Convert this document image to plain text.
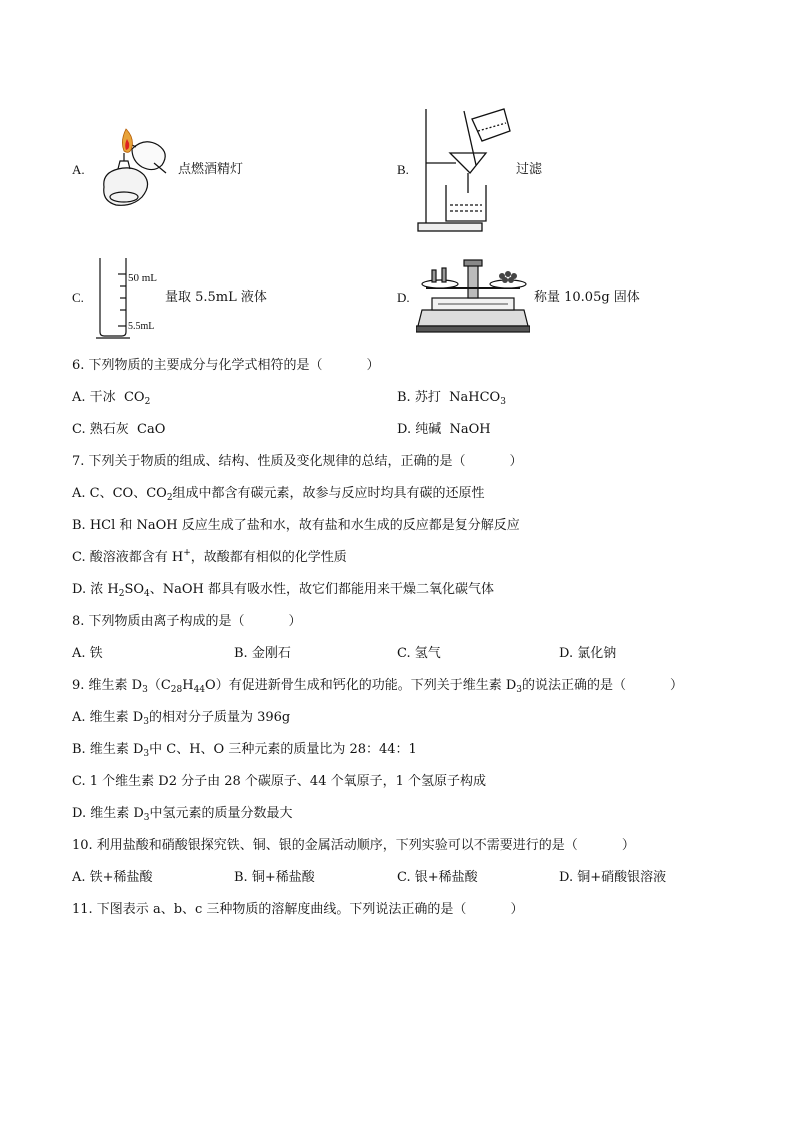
A.	点燃酒精灯	B.	过滤
C.
50 mL
5.5mL
量取 5.5mL 液体	D.	称量 10.05g 固体
6. 下列物质的主要成分与化学式相符的是（	）
A. 干冰 $CO_2$	B. 苏打 NaHCO$_3$
C. 熟石灰 CaO	D. 纯碱 NaOH
7. 下列关于物质的组成、结构、性质及变化规律的总结，正确的是（	）
A. C、CO、$CO_2$组成中都含有碳元素，故参与反应时均具有碳的还原性
B. HCl 和 NaOH 反应生成了盐和水，故有盐和水生成的反应都是复分解反应
C. 酸溶液都含有 H+，故酸都有相似的化学性质
D. 浓 $H_2SO_4$、NaOH 都具有吸水性，故它们都能用来干燥二氧化碳气体
8. 下列物质由离子构成的是（	）
A. 铁	B. 金刚石	C. 氢气	D. 氯化钠
9. 维生素 $D_3(C_{28}H_{44}O)$有促进新骨生成和钙化的功能。下列关于维生素 $D_3$的说法正确的是（	）
A. 维生素 $D_3$的相对分子质量为 396g
B. 维生素 $D_3$中 C、H、O 三种元素的质量比为 28：44：1
C. 1 个维生素 D2 分子由 28 个碳原子、44 个氧原子，1 个氢原子构成
D. 维生素 $D_3$中氢元素的质量分数最大
10. 利用盐酸和硝酸银探究铁、铜、银的金属活动顺序，下列实验可以不需要进行的是（	）
A. 铁+稀盐酸	B. 铜+稀盐酸	C. 银+稀盐酸	D. 铜+硝酸银溶液
11. 下图表示 a、b、c 三种物质的溶解度曲线。下列说法正确的是（	）
